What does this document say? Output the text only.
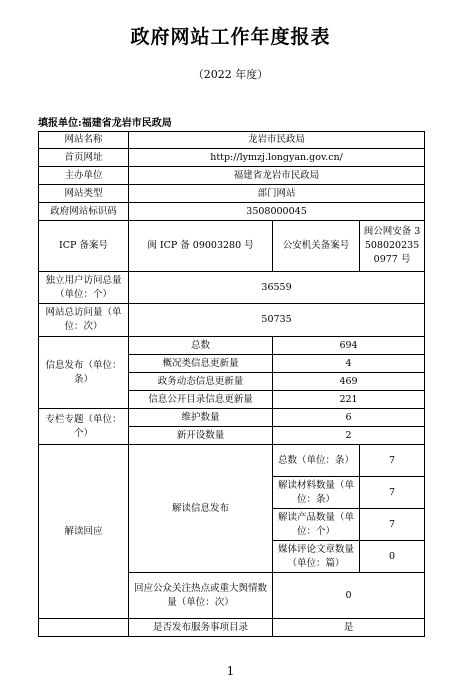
政府网站工作年度报表
（2022 年度）
填报单位:福建省龙岩市民政局
网站名称	龙岩市民政局		
首页网址	http://lymzj.longyan.gov.cn/		
主办单位	福建省龙岩市民政局		
网站类型	部门网站		
政府网站标识码	3508000045		
ICP 备案号	闽 ICP 备 09003280 号	公安机关备案号	闽公网安备 35080202350977 号
独立用户访问总量（单位：个）	36559		
网站总访问量（单位：次）	50735		
信息发布（单位：条）	总数	694	
	概况类信息更新量	4	
	政务动态信息更新量	469	
	信息公开目录信息更新量	221	
专栏专题（单位：个）	维护数量	6	
	新开设数量	2	
解读回应	解读信息发布	总数（单位：条）	7
		解读材料数量（单位：条）	7
		解读产品数量（单位：个）	7
		媒体评论文章数量（单位：篇）	0
	回应公众关注热点或重大舆情数量（单位：次）	0	
	是否发布服务事项目录	是	
1
